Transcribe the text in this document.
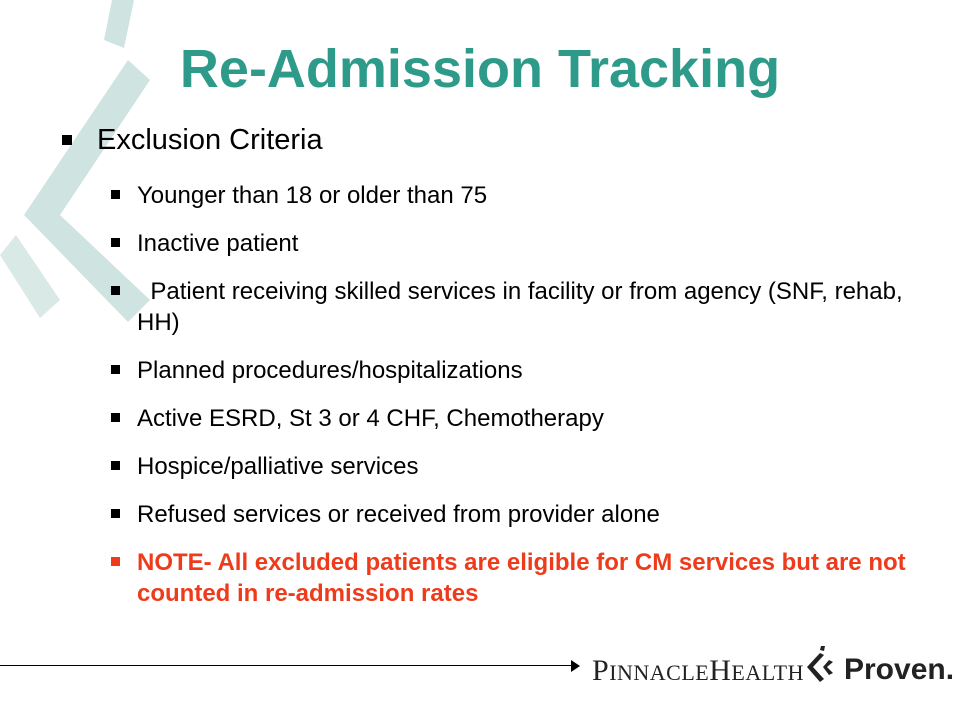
Re-Admission Tracking
Exclusion Criteria
Younger than 18 or older than 75
Inactive patient
Patient receiving skilled services in facility or from agency (SNF, rehab, HH)
Planned procedures/hospitalizations
Active ESRD, St 3 or 4 CHF, Chemotherapy
Hospice/palliative services
Refused services or received from provider alone
NOTE- All excluded patients are eligible for CM services but are not counted in re-admission rates
PINNACLEHEALTH Proven.
